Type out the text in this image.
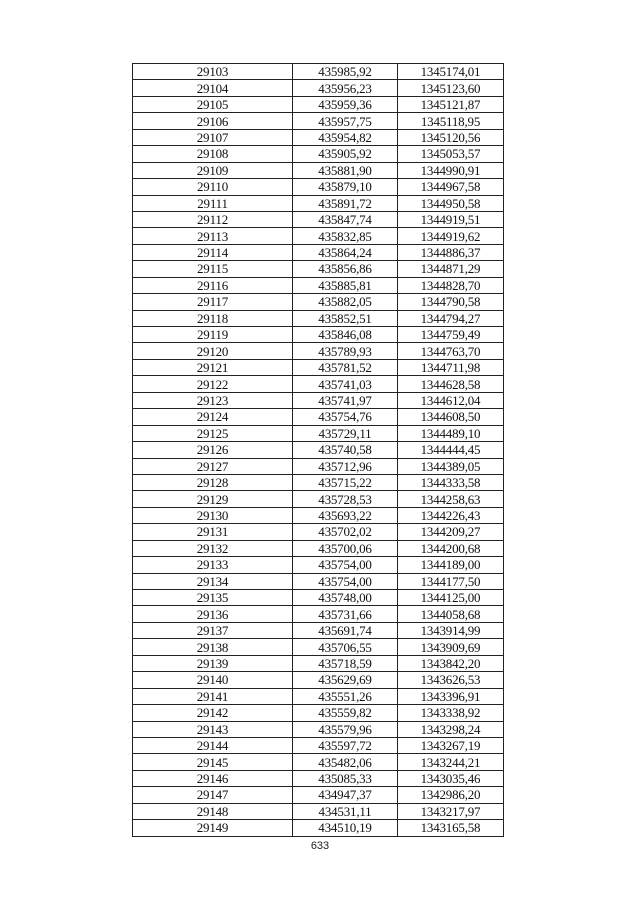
29103	435985,92	1345174,01
29104	435956,23	1345123,60
29105	435959,36	1345121,87
29106	435957,75	1345118,95
29107	435954,82	1345120,56
29108	435905,92	1345053,57
29109	435881,90	1344990,91
29110	435879,10	1344967,58
29111	435891,72	1344950,58
29112	435847,74	1344919,51
29113	435832,85	1344919,62
29114	435864,24	1344886,37
29115	435856,86	1344871,29
29116	435885,81	1344828,70
29117	435882,05	1344790,58
29118	435852,51	1344794,27
29119	435846,08	1344759,49
29120	435789,93	1344763,70
29121	435781,52	1344711,98
29122	435741,03	1344628,58
29123	435741,97	1344612,04
29124	435754,76	1344608,50
29125	435729,11	1344489,10
29126	435740,58	1344444,45
29127	435712,96	1344389,05
29128	435715,22	1344333,58
29129	435728,53	1344258,63
29130	435693,22	1344226,43
29131	435702,02	1344209,27
29132	435700,06	1344200,68
29133	435754,00	1344189,00
29134	435754,00	1344177,50
29135	435748,00	1344125,00
29136	435731,66	1344058,68
29137	435691,74	1343914,99
29138	435706,55	1343909,69
29139	435718,59	1343842,20
29140	435629,69	1343626,53
29141	435551,26	1343396,91
29142	435559,82	1343338,92
29143	435579,96	1343298,24
29144	435597,72	1343267,19
29145	435482,06	1343244,21
29146	435085,33	1343035,46
29147	434947,37	1342986,20
29148	434531,11	1343217,97
29149	434510,19	1343165,58
633
